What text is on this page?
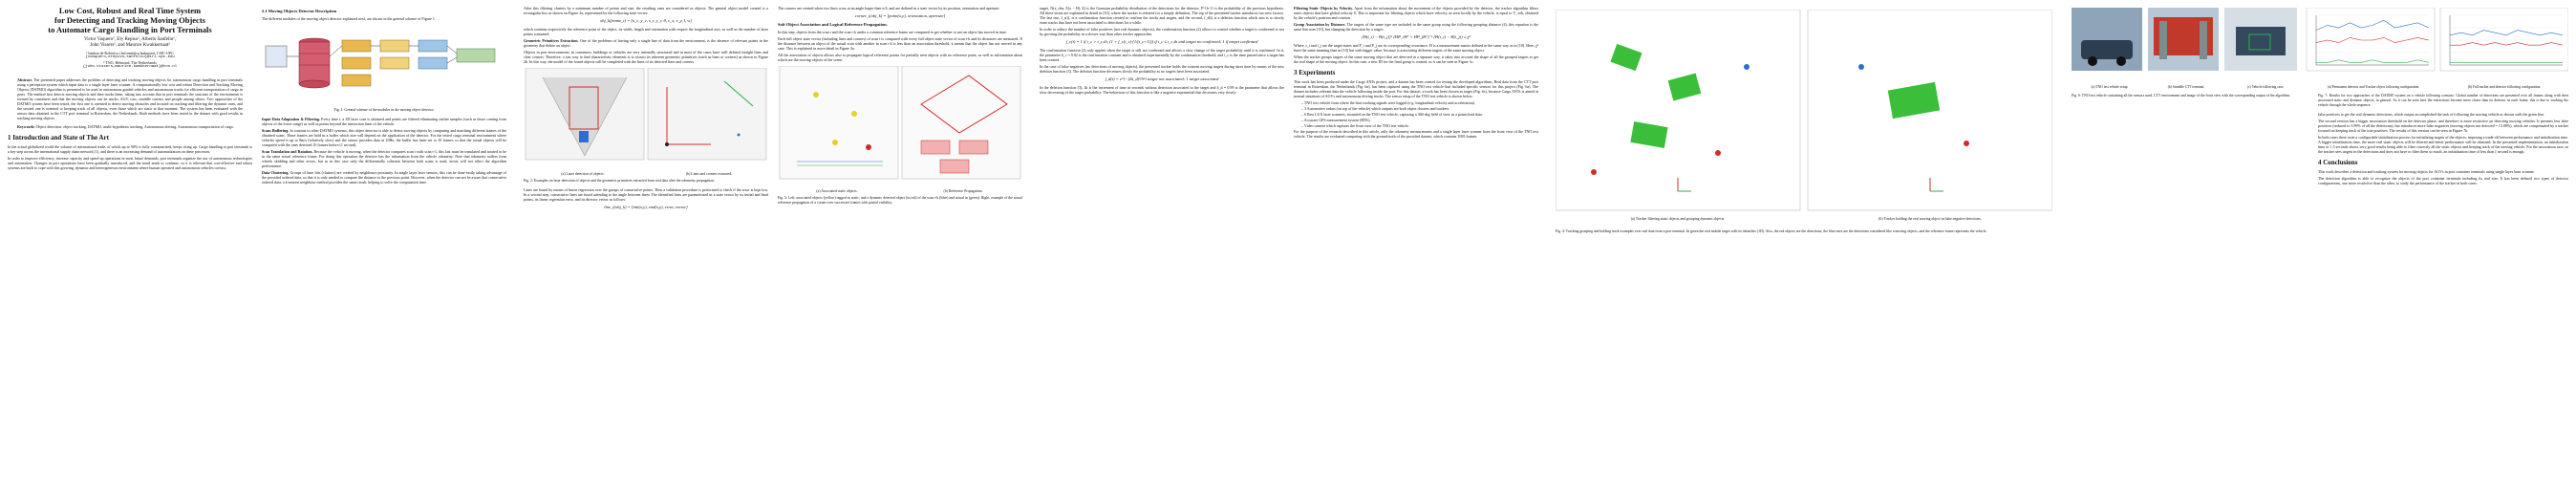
Low Cost, Robust and Real Time System

for Detecting and Tracking Moving Objects

to Automate Cargo Handling in Port Terminals

Victor Vaquero¹, Ely Repiso¹, Alberto Sanfeliu¹,

John Vissers², and Maurice Kwakkernaat²

¹ Institut de Robòtica i Informàtica Industrial, CSIC-UPC

{vvaquero,erepiso,sanfeliu}@iri.upc.edu

² TNO, Helmond, The Netherlands

{john.vissers,maurice.kwakkernaat}@tno.nl

Abstract. The presented paper addresses the problem of detecting and tracking moving objects for autonomous cargo handling in port terminals using a perception system which input data is a single layer laser scanner. A computationally low cost and robust Detection and Tracking Moving Objects (DATMO) algorithm is presented to be used in autonomous guided vehicles and autonomous trucks for efficient transportation of cargo in ports. The method first detects moving objects and then tracks them, taking into account that in port terminals the structure of the environment is formed by containers and that the moving objects can be trucks, AGV, cars, straddle carriers and people among others. Two approaches of the DATMO system have been tested, the first one is oriented to detect moving obstacles and focused on tracking and filtering the dynamic ones, and the second one is oriented to keeping track of all objects, even those which are static at that moment. The system has been evaluated with the sensor data obtained in the CTT port terminal in Rotterdam, the Netherlands. Both methods have been tested in the dataset with good results in tracking moving objects.

Keywords: Object detection, object tracking, DATMO, multi-hypothesis tracking, Autonomous driving, Autonomous transportation of cargo.

1 Introduction and State of The Art

In the actual globalized world the volume of international trade, of which up to 90% is fully containerized, keeps rising up. Cargo handling at port terminals is a key step across the international supply chain network [1], and there is an increasing demand of automatization on these processes.

In order to improve efficiency, increase capacity and speed up operations in most future demands, port terminals organize the use of autonomous technologies and automation. Changes in port operations have been gradually introduced, and the trend tends to continue, so it is relevant that cost-effective and robust systems are built to cope with this growing, dynamic and heterogeneous environment where human operated and autonomous vehicles coexist.

2.1 Moving Objects Detector Description

The different modules of the moving object detector explained next, are shown in the general scheme of Figure 1.

Fig. 1: General scheme of the modules in the moving object detector.

Input Data Adaptation & Filtering. Every time t, a 2D laser scan is obtained and points are filtered eliminating outlier samples (such as those coming from objects of the lower range) as well as points beyond the interaction limit of the vehicle.

Scans Buffering. In contrast to other DATMO systems, this object detector is able to detect moving objects by comparing and matching different frames of the obtained scans. These frames are held in a buffer which size will depend on the application of the detector. For the tested cargo terminal environment where vehicles speed is up to 8m/s (relatively slow) and the sensor provides data at 10Hz, the buffer has been set to 10 frames so that the actual objects will be compared with the ones detected 10 frames before (1 second).

Scan Translation and Rotation. Because the vehicle is moving, when the detector compares scan t with scan t-1, this last must be translated and rotated to be in the same actual reference frame. For doing this operation the detector has the information from the vehicle odometry. Note that odometry suffers from wheels skidding and other errors, but as in this case only the differentially coherent between both scans is used, errors will not affect the algorithm performance.

Data Clustering. Groups of laser hits (clusters) are created by neighbours proximity. In single layer laser sensors, this can be done easily taking advantage of the provided ordered data, so that it is only needed to compare the distance to the previous point. However, when the detector can not be aware that consecutive ordered data, a k-nearest neighbour method provides the same result, helping to solve the computation time.

After this filtering clusters by a minimum number of points and size, the resulting ones are considered as objects. The general object model created is a rectangular box as shown on Figure 2a, represented by the following state vector:

obj_k(frame_t) = [x_c, y_c, x_r, y_r, θ, v_x, v_y, l, w]

which contains respectively the reference point of the object, its width, length and orientation with respect the longitudinal axis, as well as the number of laser points contained.

Geometric Primitives Extraction. One of the problems of having only a single line of data from the environment, is the absence of relevant points in the geometry that define an object.

Objects in port environments, as containers, buildings or vehicles are very internally structured and in most of the cases have well defined straight lines and clear corners. Therefore, a fast way to find characteristic elements is to extract its inherent geometric primitives (such as lines or corners) as shown in Figure 2b. In this way, the model of the found objects will be completed with the lines of its detected lines and corners.

(a) Laser detection of objects.	(b) Lines and corners extracted.

Fig. 2: Examples on laser detection of objects and the geometric primitives extracted from real data after the odometry propagation.

Lines are found by means of linear regression over the groups of consecutive points. Then a validation procedure is performed to check if the error is kept low. In a second step, consecutive lines are fused attending to the angle between them. The identified lines are parametrized in a state vector by its initial and final points, its linear regression error, and its director vector as follows:

line_i(obj_k) = [init(x,y), end(x,y), error, vector]

The corners are created when two lines cross at an angle larger than π/4, and are defined in a state vector by its position, orientation and aperture:

corner_i(obj_k) = [point(x,y), orientation, aperture]

Soft Object Association and Logical Reference Propagation.

In this step, objects from the scan t and the scan t-k under a common reference frame are compared to get whether or not an object has moved in time.

Each full object state vector (including lines and corners) of scan t is compared with every full object state vector of scan t-k and its distances are measured. If the distance between an object of the actual scan with another in scan t-k is less than an association threshold, it means that the object has not moved in any case. This is explained in more detail in Figure 3a.

All the association of objects allows also to propagate logical reference points for partially seen objects with no reference point, as well as information about which are the moving objects of the scene.

(a) Associated static objects.	(b) Reference Propagation.

Fig. 3: Left: associated objects (yellow) tagged as static, and a dynamic detected object (in red) of the scan t-k (blue) and actual in (green). Right, example of the actual reference propagation of a corner over successive frames with partial visibility.

target, N(x_obs; Σ(x − H), Σ) is the Gaussian probability distribution of the detections for the detector, P^{k-1} is the probability of the previous hypothesis. All these terms are explained in detail in [10], where the tracker is referred for a simply definition. The top of the presented tracker introduces two new factors. The last one, f_s(t), is a confirmation function created to confirm the tracks and targets, and the second, f_d(t) is a deletion function which aim is to slowly erase tracks that have not been associated to detections for a while.

In order to reduce the number of false positives (not real dynamic objects), the confirmation function (2) allows to control whether a target is confirmed or not by growing the probability in a slower way than other tracker approaches.

f_c(t) = 1 if t_c > t_c,th; (1 + f_c(t_c)·(1/(t_c+1))) if t_c ≤ t_c,th and target no confirmed; 1 if target confirmed

The confirmation function (2) only applies when the target is still not confirmed and allows a slow change of the target probability until it is confirmed. In it, the parameter δ_c = 0.02 is the confirmation constant and is obtained experimentally by the confirmation threshold, and t_c is the time passed since a target has been created.

In the case of false negatives (no detections of moving objects), the presented tracker holds the existent moving targets during short time by means of the new deletion function (3). The deletion function decreases slowly the probability as no targets have been associated.

f_d(t) = e^{−(Δt_d)²/δ²} target not associated; 1 target associated

In the deletion function (3), Δt is the increment of time in seconds without detection associated to the target and δ_d = 0.99 is the parameter that allows the slow decreasing of the target probability. The behaviour of this function is like a negative exponential that decreases very slowly.

Filtering Static Objects by Velocity. Apart from the information about the movement of the objects provided by the detector, the tracker algorithm filters static objects that have global velocity 0. This is important for filtering objects which have velocity, as seen locally by the vehicle, is equal to V_veh, obtained by the vehicle's position and rotation.

Group Association by Distance. The targets of the same type are included in the same group using the following grouping distance (4), this equation is the same that uses [10], but changing the detection by a target:

(H(t_i) − H(t_j))ᵀ (HP_iHᵀ + HP_jHᵀ)⁻¹ (H(t_i) − H(t_j)) ≤ χ²

Where, t_i and t_j are the target states and P_i and P_j are its corresponding covariance. H is a measurement matrix defined in the same way as in [10]. Here, χ² have the same meaning than in [10] but with bigger value, because is associating different targets of the same moving object.

When the tracker groups targets of the same moving object that are detected in a separate way, it takes into account the shape of all the grouped targets to get the real shape of the moving object. In this case, a new ID for the final group is created, as it can be seen in Figure 5c.

3 Experiments

This work has been produced under the Cargo ANTs project, and a dataset has been created for testing the developed algorithms. Real data from the CTT port terminal in Rotterdam, the Netherlands (Fig. 6a), has been captured using the TNO test vehicle that included specific sensors for this project (Fig. 6a). The dataset includes relevant data the vehicle following inside the port. For this dataset, a truck has been chosen as target (Fig. 6c), because Cargo ANTs is aimed at normal situations of AGVs and autonomous driving trucks. The sensor setup of the TNO test vehicle is shown below.

– TNO test vehicle from where the host tracking signals were logged (e.g. longitudinal velocity and acceleration).

– 3 Automotive radars (on top of the vehicle) which outputs are both object clusters and trackers.

– 6 Ibeo LUX laser scanners, mounted on the TNO test vehicle, capturing a 360 deg field of view as a pointcloud data.

– Accurate GPS measurement system (RTK).

– Video camera which captures the front view of the TNO test vehicle.

For the purpose of the research described in this article, only the odometry measurements and a single layer laser scanner from the front view of the TNO test vehicle. The results are evaluated comparing with the ground-truth of the provided dataset, which contains 1095 frames.

(a) Tracker filtering static objects and grouping dynamic objects.	(b) Tracker holding the real moving object in false negative detections.

Fig. 4: Tracking grouping and holding track examples over real data from a port terminal. In green the real mobile target with its identifier (1D). Also, the red objects are the detections, the blue ones are the detections considered like a moving objects, and the reference frame represents the vehicle.

(a) TNO test vehicle setup.	(b) Straddle CTT terminal.	(c) Vehicle following case.	(a) Permanent detector and Tracker object following configuration.	(b) Full tracker and detector following configuration.

Fig. 6: TNO test vehicle containing all the sensors used, CTT environment and image of the front view with the corresponding output of the algorithm.	Fig. 7: Results for two approaches of the DATMO system on a vehicle following scenario. Global number of detections are presented over all frames along with their associated static and dynamic objects, in general. As it can be seen here the extractions become more closer than its detector in each frame, this is due to tracking the vehicle through the whole sequence.

false positives to get the real dynamic detections, which output accomplished the task of following the moving vehicle as shown with the green line.

The second version has a bigger association threshold on the detector phase, and therefore is more restrictive on detecting moving vehicles. It presents less false positives (reduced to 3.99% of all the detections), but introduces more false negatives (moving objects not detected = 13.08%), which are compensated by a tracker focused on keeping track of the true positives. The results of this version can be seen in Figure 7b.

In both cases there exist a configurable initialization process for initializing targets of the objects, imposing a trade-off between performance and initialization time. A bigger initialization time, the more real static objects will be filtered and better performance will be obtained. In the presented implementation, an initialization time of 1.5 seconds shows very good results being able to filter correctly all the static objects and keeping track of the moving vehicle. For the association case, as the tracker sees targets in the detections and does not have to filter them so much, an initialization time of less than 1 second is enough.

4 Conclusions

This work describes a detection and tracking system for moving objects for AGVs in port container terminals using single layer laser scanner.

The detection algorithm is able to recognize the objects of the port container terminals including its real size. It has been defined two types of detector configurations, one more restrictive than the other, to study the performance of the tracker in both cases.
